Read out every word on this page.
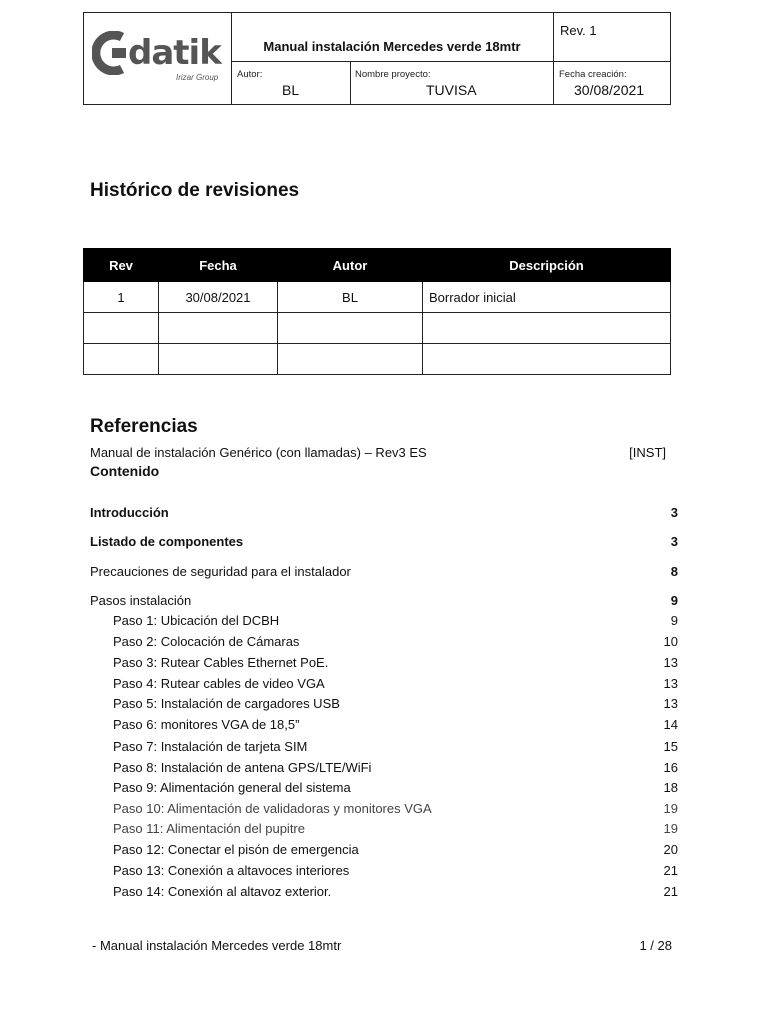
datik
Irizar Group
Manual instalación Mercedes verde 18mtr
Rev. 1
Autor:
BL
Nombre proyecto:
TUVISA
Fecha creación:
30/08/2021
Histórico de revisiones
Rev	Fecha	Autor	Descripción
1	30/08/2021	BL	Borrador inicial

Referencias
Manual de instalación Genérico (con llamadas) – Rev3 ES	[INST]
Contenido
Introducción	3
Listado de componentes	3
Precauciones de seguridad para el instalador	8
Pasos instalación	9
Paso 1: Ubicación del DCBH	9
Paso 2: Colocación de Cámaras	10
Paso 3: Rutear Cables Ethernet PoE.	13
Paso 4: Rutear cables de video VGA	13
Paso 5: Instalación de cargadores USB	13
Paso 6: monitores VGA de 18,5”	14
Paso 7: Instalación de tarjeta SIM	15
Paso 8: Instalación de antena GPS/LTE/WiFi	16
Paso 9: Alimentación general del sistema	18
Paso 10: Alimentación de validadoras y monitores VGA	19
Paso 11: Alimentación del pupitre	19
Paso 12: Conectar el pisón de emergencia	20
Paso 13: Conexión a altavoces interiores	21
Paso 14: Conexión al altavoz exterior.	21
- Manual instalación Mercedes verde 18mtr	1 / 28
